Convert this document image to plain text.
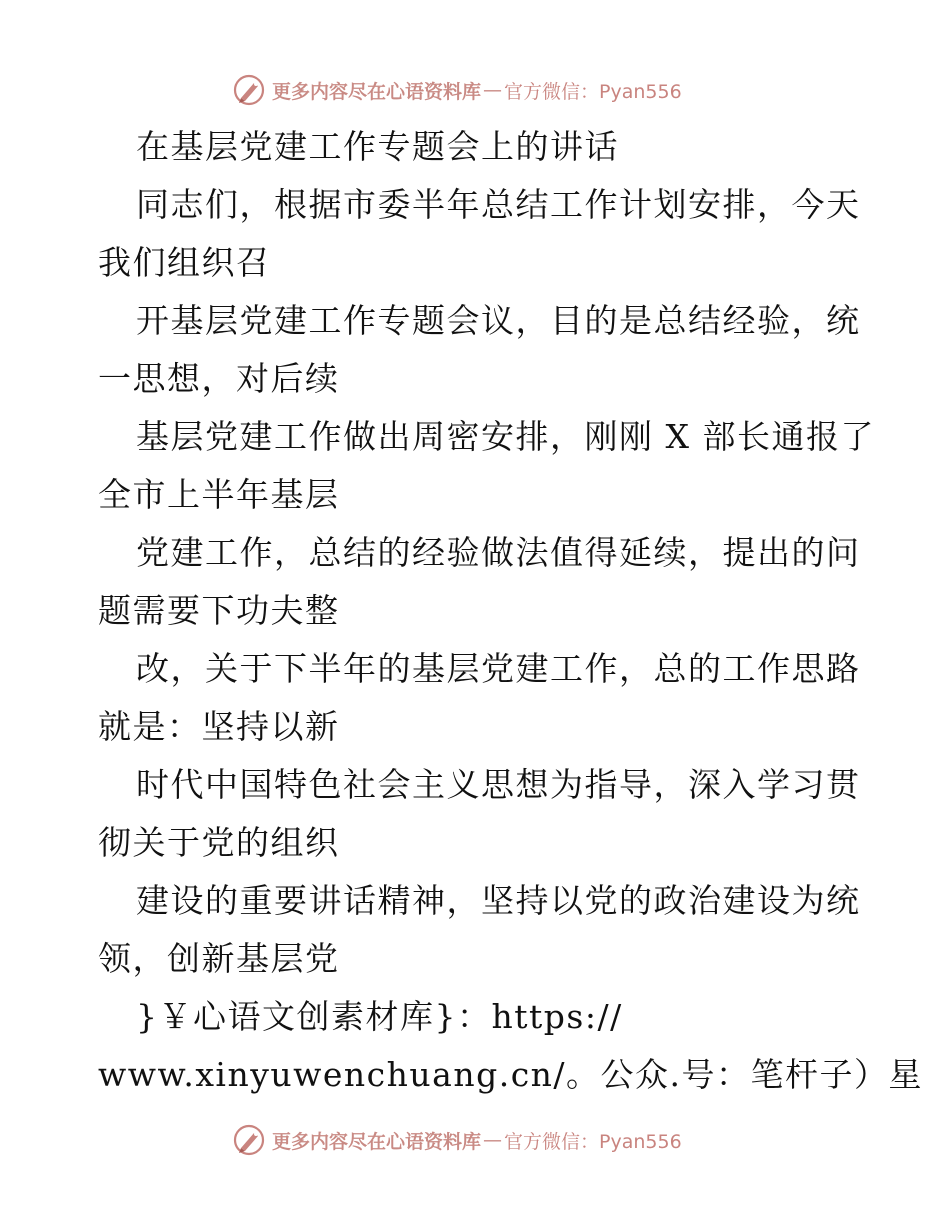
更多内容尽在心语资料库 — 官方微信：Pyan556
在基层党建工作专题会上的讲话
同志们，根据市委半年总结工作计划安排，今天
我们组织召
开基层党建工作专题会议，目的是总结经验，统
一思想，对后续
基层党建工作做出周密安排，刚刚 X 部长通报了
全市上半年基层
党建工作，总结的经验做法值得延续，提出的问
题需要下功夫整
改，关于下半年的基层党建工作，总的工作思路
就是：坚持以新
时代中国特色社会主义思想为指导，深入学习贯
彻关于党的组织
建设的重要讲话精神，坚持以党的政治建设为统
领，创新基层党
}￥心语文创素材库}：https://
www.xinyuwenchuang.cn/。公众.号：笔杆子）星
更多内容尽在心语资料库 — 官方微信：Pyan556
